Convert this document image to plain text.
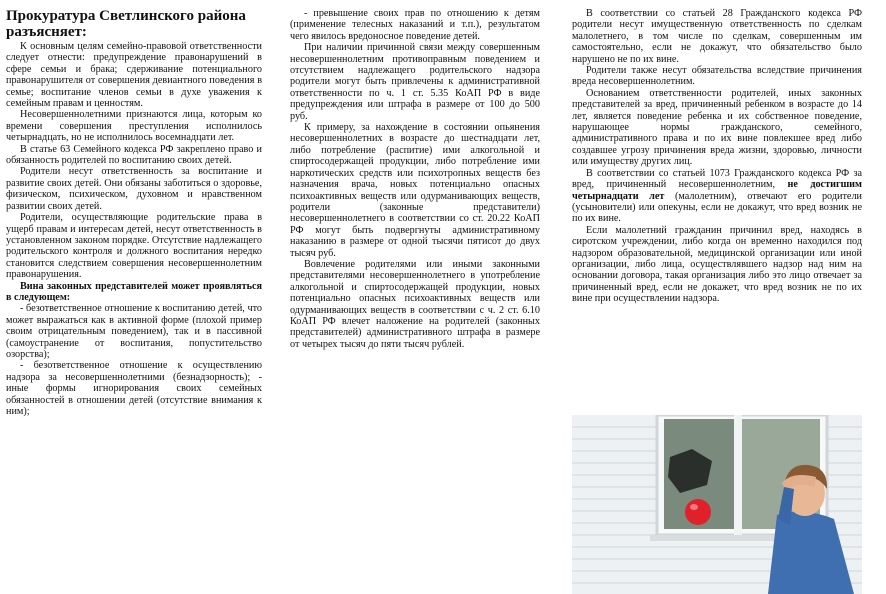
Прокуратура Светлинского района разъясняет:

К основным целям семейно-правовой ответственности следует отнести: предупреждение правонарушений в сфере семьи и брака; сдерживание потенциального правонарушителя от совершения девиантного поведения в семье; воспитание членов семьи в духе уважения к семейным правам и ценностям.

Несовершеннолетними признаются лица, которым ко времени совершения преступления исполнилось четырнадцать, но не исполнилось восемнадцати лет.

В статье 63 Семейного кодекса РФ закреплено право и обязанность родителей по воспитанию своих детей.

Родители несут ответственность за воспитание и развитие своих детей. Они обязаны заботиться о здоровье, физическом, психическом, духовном и нравственном развитии своих детей.

Родители, осуществляющие родительские права в ущерб правам и интересам детей, несут ответственность в установленном законом порядке. Отсутствие надлежащего родительского контроля и должного воспитания нередко становится следствием совершения несовершеннолетним правонарушения.

Вина законных представителей может проявляться в следующем:

- безответственное отношение к воспитанию детей, что может выражаться как в активной форме (плохой пример своим отрицательным поведением), так и в пассивной (самоустранение от воспитания, попустительство озорства);

- безответственное отношение к осуществлению надзора за несовершеннолетними (безнадзорность); - иные формы игнорирования своих семейных обязанностей в отношении детей (отсутствие внимания к ним);

- превышение своих прав по отношению к детям (применение телесных наказаний и т.п.), результатом чего явилось вредоносное поведение детей.

При наличии причинной связи между совершенным несовершеннолетним противоправным поведением и отсутствием надлежащего родительского надзора родители могут быть привлечены к административной ответственности по ч. 1 ст. 5.35 КоАП РФ в виде предупреждения или штрафа в размере от 100 до 500 руб.

К примеру, за нахождение в состоянии опьянения несовершеннолетних в возрасте до шестнадцати лет, либо потребление (распитие) ими алкогольной и спиртосодержащей продукции, либо потребление ими наркотических средств или психотропных веществ без назначения врача, новых потенциально опасных психоактивных веществ или одурманивающих веществ, родители (законные представители) несовершеннолетнего в соответствии со ст. 20.22 КоАП РФ могут быть подвергнуты административному наказанию в размере от одной тысячи пятисот до двух тысяч руб.

Вовлечение родителями или иными законными представителями несовершеннолетнего в употребление алкогольной и спиртосодержащей продукции, новых потенциально опасных психоактивных веществ или одурманивающих веществ в соответствии с ч. 2 ст. 6.10 КоАП РФ влечет наложение на родителей (законных представителей) административного штрафа в размере от четырех тысяч до пяти тысяч рублей.

В соответствии со статьей 28 Гражданского кодекса РФ родители несут имущественную ответственность по сделкам малолетнего, в том числе по сделкам, совершенным им самостоятельно, если не докажут, что обязательство было нарушено не по их вине.

Родители также несут обязательства вследствие причинения вреда несовершеннолетним.

Основанием ответственности родителей, иных законных представителей за вред, причиненный ребенком в возрасте до 14 лет, является поведение ребенка и их собственное поведение, нарушающее нормы гражданского, семейного, административного права и по их вине повлекшее вред либо создавшее угрозу причинения вреда жизни, здоровью, личности или имуществу других лиц.

В соответствии со статьей 1073 Гражданского кодекса РФ за вред, причиненный несовершеннолетним, не достигшим четырнадцати лет (малолетним), отвечают его родители (усыновители) или опекуны, если не докажут, что вред возник не по их вине.

Если малолетний гражданин причинил вред, находясь в сиротском учреждении, либо когда он временно находился под надзором образовательной, медицинской организации или иной организации, либо лица, осуществлявшего надзор над ним на основании договора, такая организация либо это лицо отвечает за причиненный вред, если не докажет, что вред возник не по их вине при осуществлении надзора.
